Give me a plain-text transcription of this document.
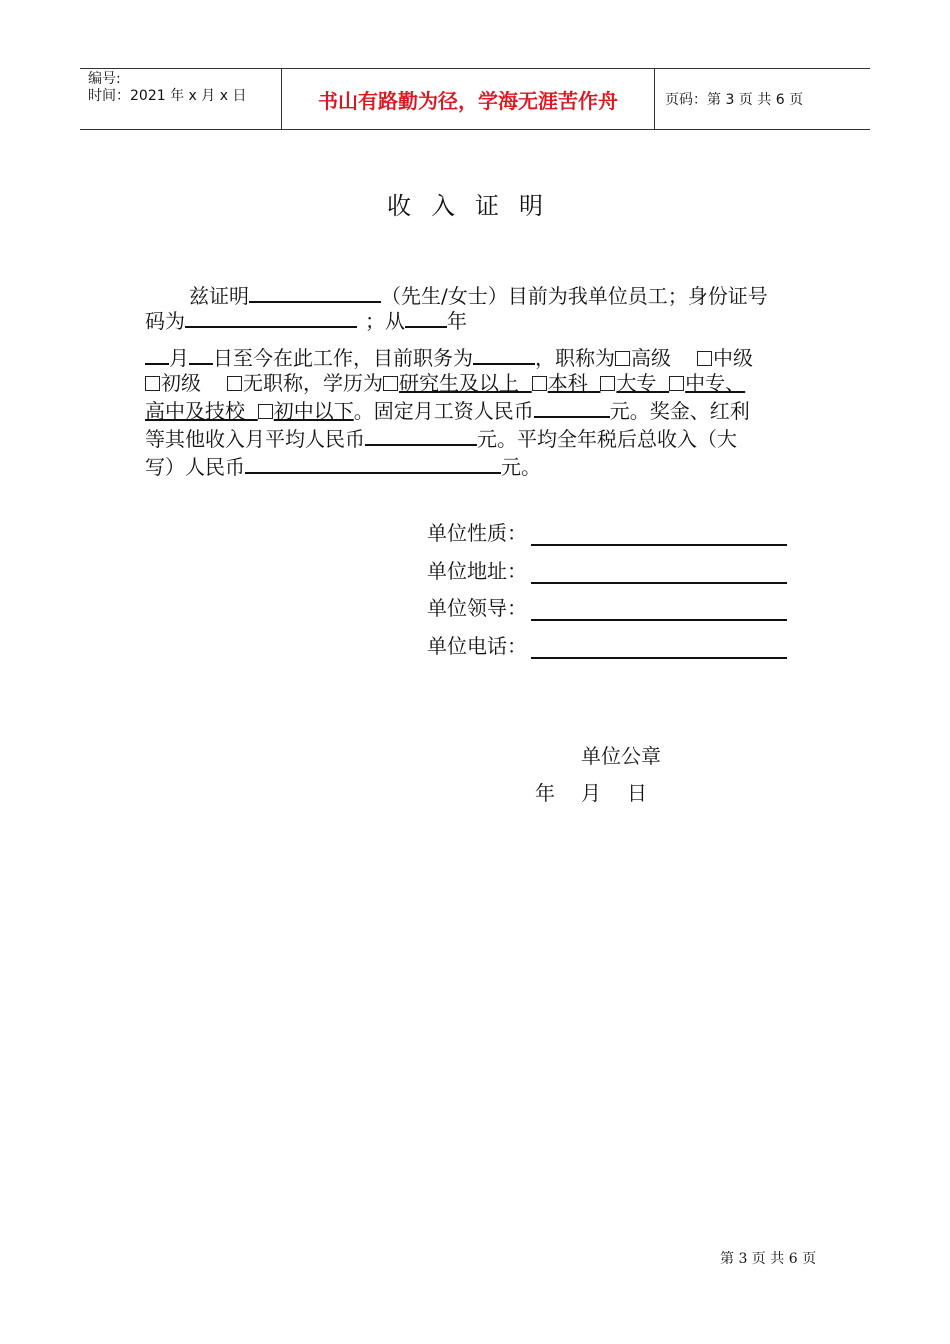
编号:
时间：2021 年 x 月 x 日	书山有路勤为径，学海无涯苦作舟	页码：第 3 页 共 6 页
收入证明
兹证明	（先生/女士）目前为我单位员工；身份证号
码为	；从 年
月 日至今在此工作，目前职务为	，职称为 高级 中级
初级 无职称，学历为 研究生及以上 本科 大专 中专、
高中及技校 初中以下。固定月工资人民币	元。奖金、红利
等其他收入月平均人民币	元。平均全年税后总收入（大
写）人民币	元。
单位性质：
单位地址：
单位领导：
单位电话：
单位公章
年 月 日
第 3 页 共 6 页
